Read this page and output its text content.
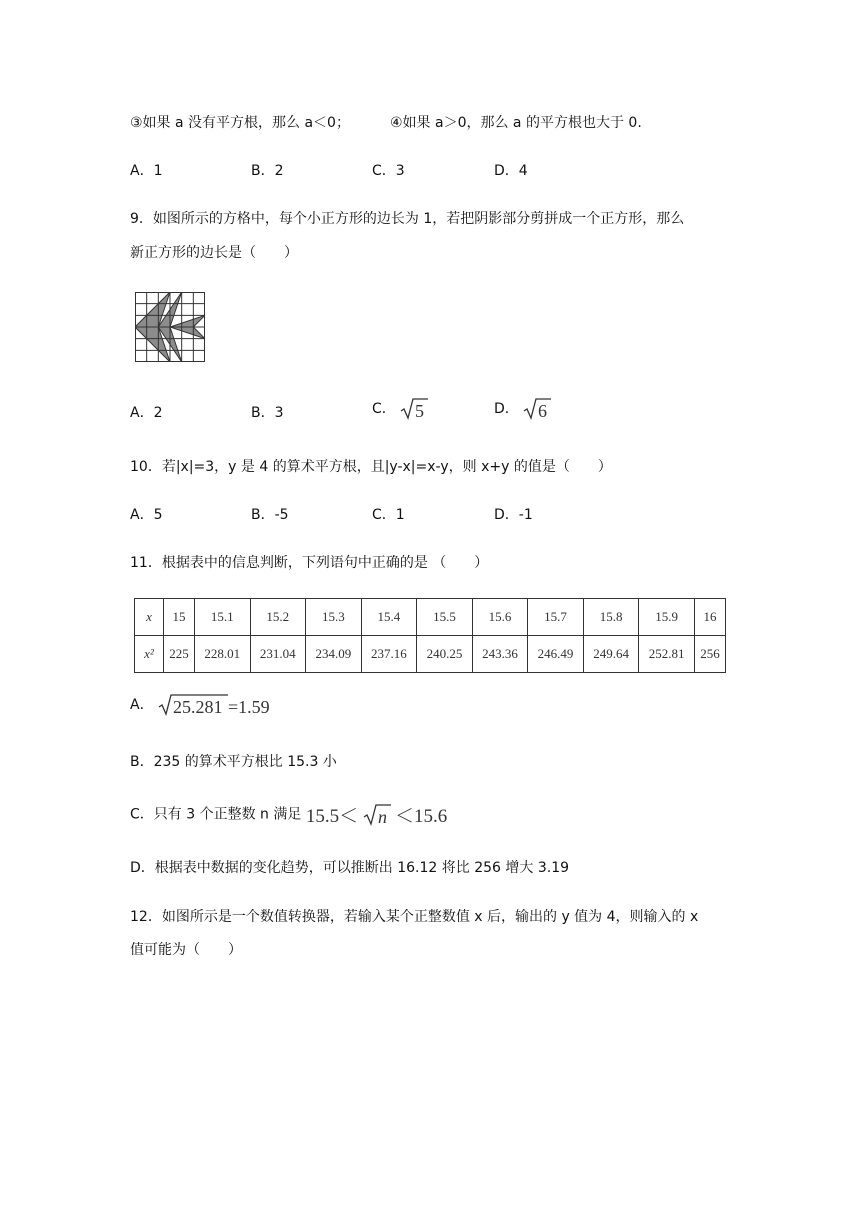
③如果 a 没有平方根，那么 a＜0；	④如果 a＞0，那么 a 的平方根也大于 0.
A．1	B．2	C．3	D．4
9．如图所示的方格中，每个小正方形的边长为 1，若把阴影部分剪拼成一个正方形，那么
新正方形的边长是（　　）
A．2	B．3	C． 5	D． 6
10．若|x|=3，y 是 4 的算术平方根，且|y-x|=x-y，则 x+y 的值是（　　）
A．5	B．-5	C．1	D．-1
11．根据表中的信息判断，下列语句中正确的是 （　　）
x	15	15.1	15.2	15.3	15.4	15.5	15.6	15.7	15.8	15.9	16
x²	225	228.01	231.04	234.09	237.16	240.25	243.36	246.49	249.64	252.81	256
A． 25.281 =1.59
B．235 的算术平方根比 15.3 小
C．只有 3 个正整数 n 满足 15.5＜ n ＜15.6
D．根据表中数据的变化趋势，可以推断出 16.12 将比 256 增大 3.19
12．如图所示是一个数值转换器，若输入某个正整数值 x 后，输出的 y 值为 4，则输入的 x
值可能为（　　）
